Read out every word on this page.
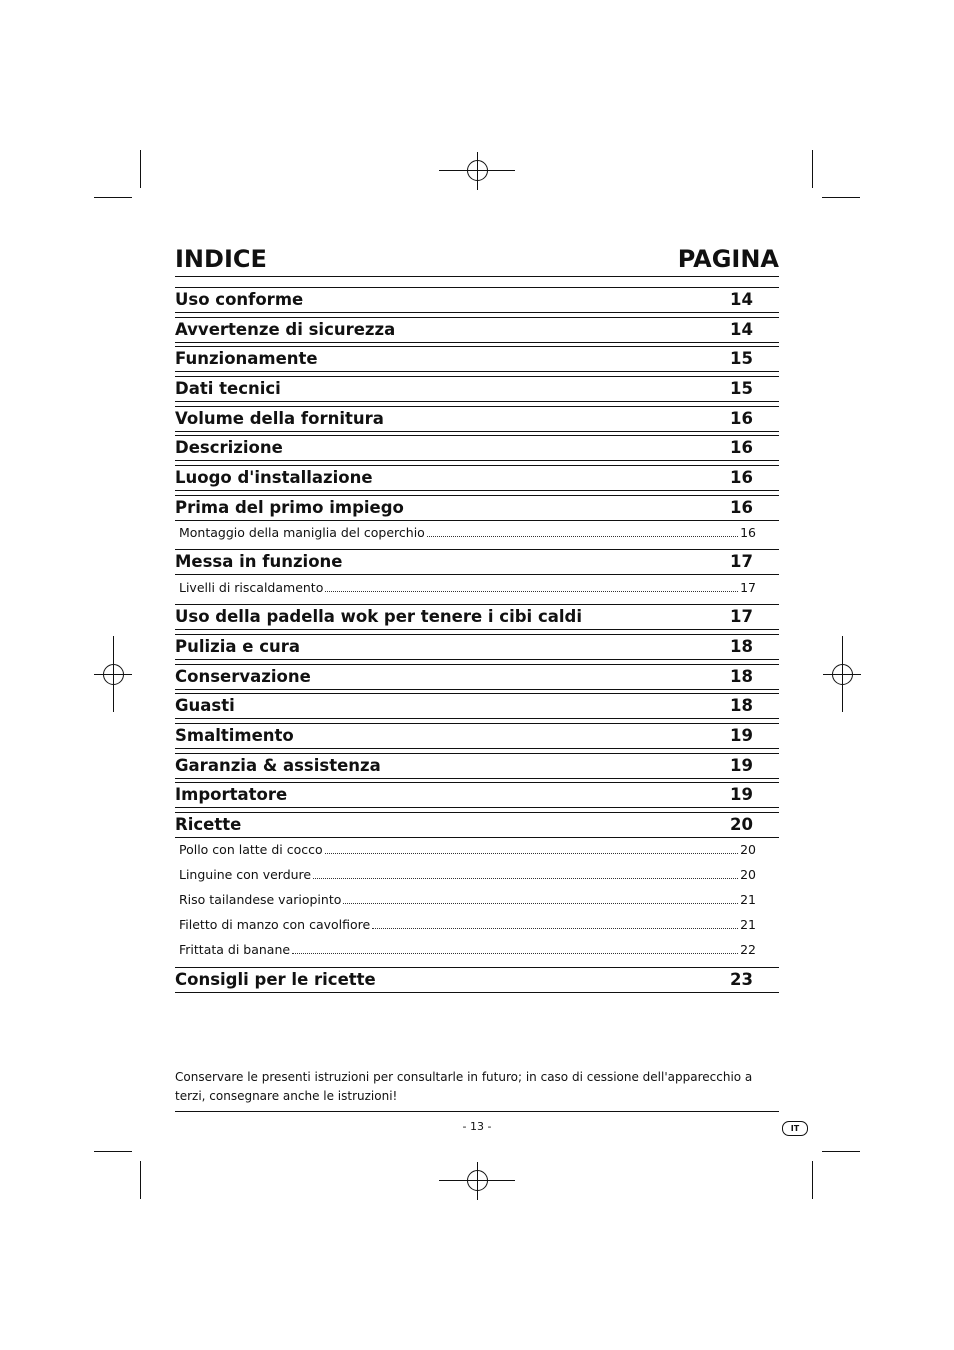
INDICE	PAGINA
Uso conforme	14
Avvertenze di sicurezza	14
Funzionamente	15
Dati tecnici	15
Volume della fornitura	16
Descrizione	16
Luogo d'installazione	16
Prima del primo impiego	16
Montaggio della maniglia del coperchio	16
Messa in funzione	17
Livelli di riscaldamento	17
Uso della padella wok per tenere i cibi caldi	17
Pulizia e cura	18
Conservazione	18
Guasti	18
Smaltimento	19
Garanzia & assistenza	19
Importatore	19
Ricette	20
Pollo con latte di cocco	20
Linguine con verdure	20
Riso tailandese variopinto	21
Filetto di manzo con cavolfiore	21
Frittata di banane	22
Consigli per le ricette	23
Conservare le presenti istruzioni per consultarle in futuro; in caso di cessione dell'apparecchio a terzi, consegnare anche le istruzioni!
- 13 -	IT
